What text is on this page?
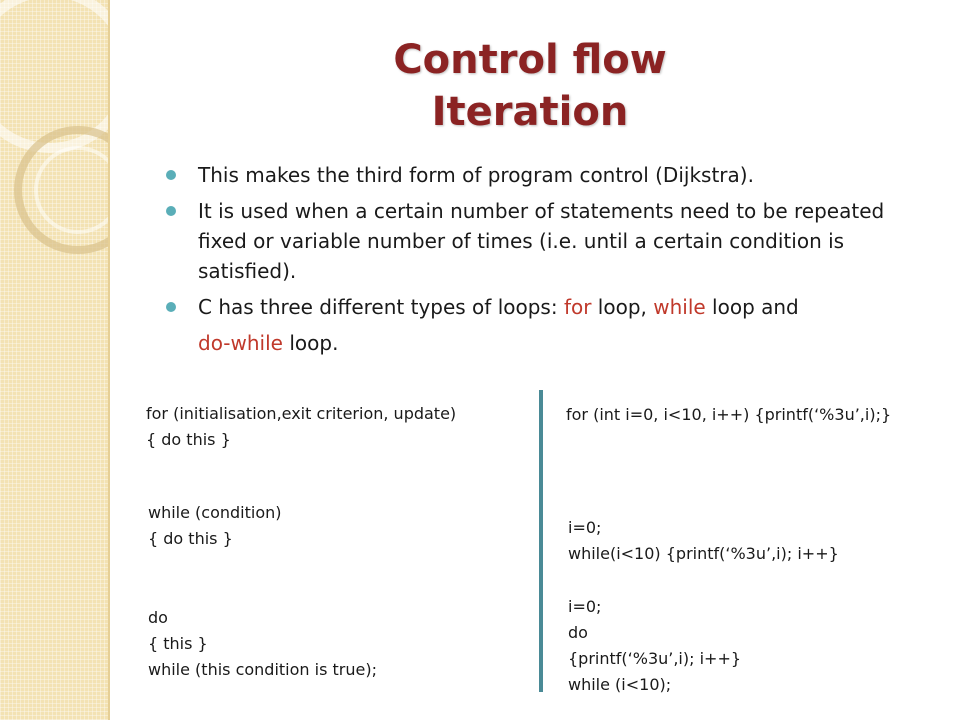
Control flow
Iteration
This makes the third form of program control (Dijkstra).
It is used when a certain number of statements need to be repeated fixed or variable number of times (i.e. until a certain condition is satisfied).
C has three different types of loops: for loop, while loop and
do-while loop.
for (initialisation,exit criterion, update)
{ do this }
while (condition)
{ do this }
do
{ this }
while (this condition is true);
for (int i=0, i<10, i++) {printf(‘%3u’,i);}
i=0;
while(i<10) {printf(‘%3u’,i); i++}
i=0;
do
{printf(‘%3u’,i); i++}
while (i<10);
